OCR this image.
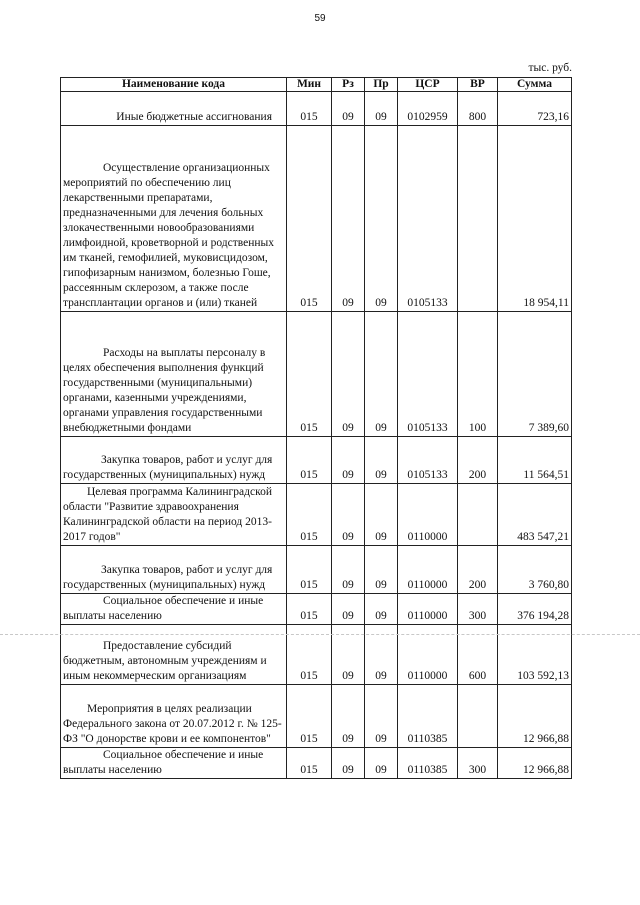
59
тыс. руб.
Наименование кода	Мин	Рз	Пр	ЦСР	ВР	Сумма
Иные бюджетные ассигнования	015	09	09	0102959	800	723,16
Осуществление организационных мероприятий по обеспечению лиц лекарственными препаратами, предназначенными для лечения больных злокачественными новообразованиями лимфоидной, кроветворной и родственных им тканей, гемофилией, муковисцидозом, гипофизарным нанизмом, болезнью Гоше, рассеянным склерозом, а также после трансплантации органов и (или) тканей	015	09	09	0105133		18 954,11
Расходы на выплаты персоналу в целях обеспечения выполнения функций государственными (муниципальными) органами, казенными учреждениями, органами управления государственными внебюджетными фондами	015	09	09	0105133	100	7 389,60
Закупка товаров, работ и услуг для государственных (муниципальных) нужд	015	09	09	0105133	200	11 564,51
Целевая программа Калининградской области "Развитие здравоохранения Калининградской области на период 2013-2017 годов"	015	09	09	0110000		483 547,21
Закупка товаров, работ и услуг для государственных (муниципальных) нужд	015	09	09	0110000	200	3 760,80
Социальное обеспечение и иные выплаты населению	015	09	09	0110000	300	376 194,28
Предоставление субсидий бюджетным, автономным учреждениям и иным некоммерческим организациям	015	09	09	0110000	600	103 592,13
Мероприятия в целях реализации Федерального закона от 20.07.2012 г. № 125-ФЗ "О донорстве крови и ее компонентов"	015	09	09	0110385		12 966,88
Социальное обеспечение и иные выплаты населению	015	09	09	0110385	300	12 966,88
